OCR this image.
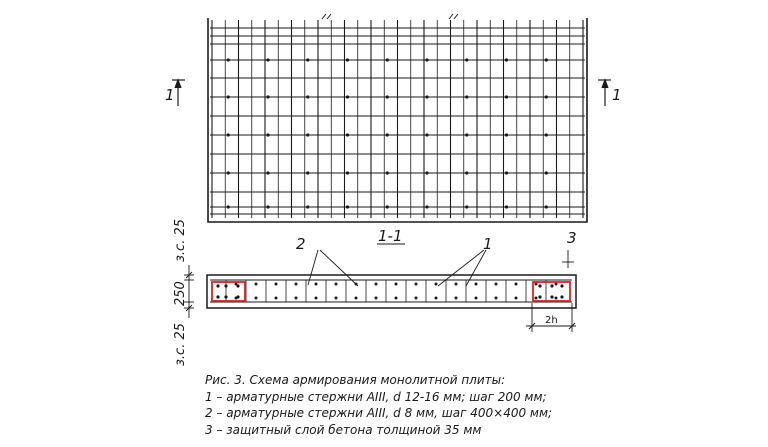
1	1
1-1
2	1	3
з.с. 25
250
з.с. 25
2h
Рис. 3. Схема армирования монолитной плиты:
1 – арматурные стержни АIII, d 12-16 мм; шаг 200 мм;
2 – арматурные стержни АIII, d 8 мм, шаг 400×400 мм;
3 – защитный слой бетона толщиной 35 мм
